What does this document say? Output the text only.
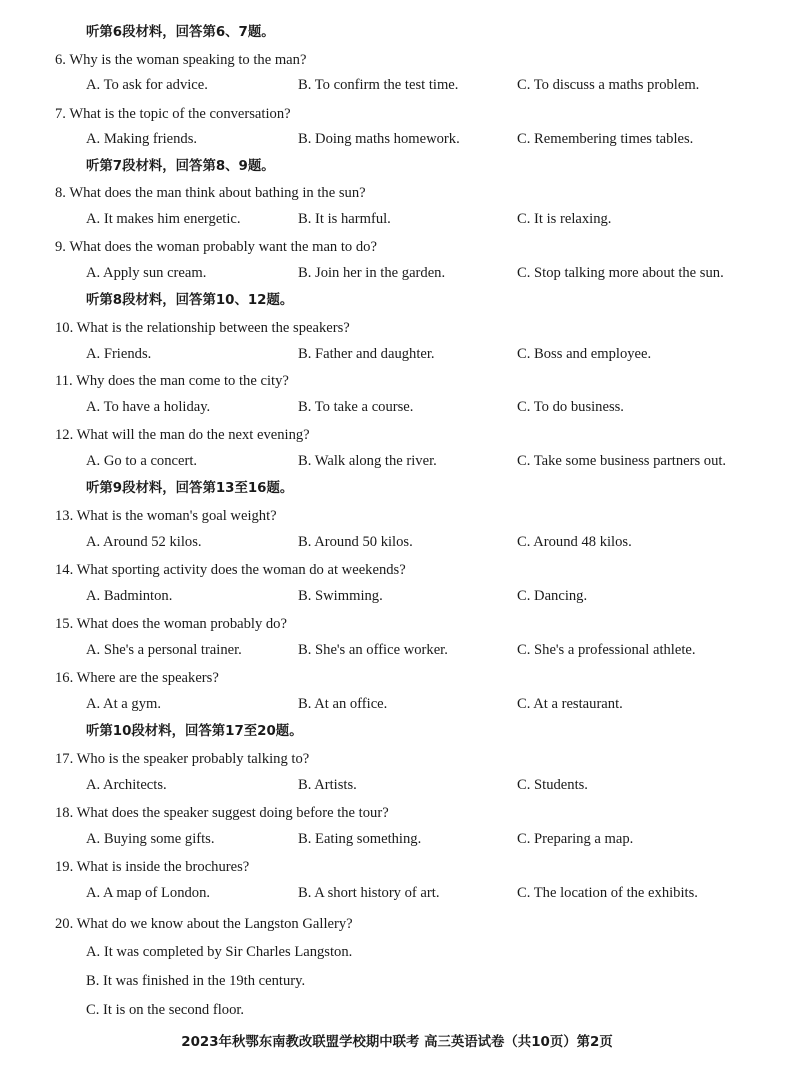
听第6段材料，回答第6、7题。
6. Why is the woman speaking to the man?
A. To ask for advice.	B. To confirm the test time.	C. To discuss a maths problem.
7. What is the topic of the conversation?
A. Making friends.	B. Doing maths homework.	C. Remembering times tables.
听第7段材料，回答第8、9题。
8. What does the man think about bathing in the sun?
A. It makes him energetic.	B. It is harmful.	C. It is relaxing.
9. What does the woman probably want the man to do?
A. Apply sun cream.	B. Join her in the garden.	C. Stop talking more about the sun.
听第8段材料，回答第10、12题。
10. What is the relationship between the speakers?
A. Friends.	B. Father and daughter.	C. Boss and employee.
11. Why does the man come to the city?
A. To have a holiday.	B. To take a course.	C. To do business.
12. What will the man do the next evening?
A. Go to a concert.	B. Walk along the river.	C. Take some business partners out.
听第9段材料，回答第13至16题。
13. What is the woman's goal weight?
A. Around 52 kilos.	B. Around 50 kilos.	C. Around 48 kilos.
14. What sporting activity does the woman do at weekends?
A. Badminton.	B. Swimming.	C. Dancing.
15. What does the woman probably do?
A. She's a personal trainer.	B. She's an office worker.	C. She's a professional athlete.
16. Where are the speakers?
A. At a gym.	B. At an office.	C. At a restaurant.
听第10段材料，回答第17至20题。
17. Who is the speaker probably talking to?
A. Architects.	B. Artists.	C. Students.
18. What does the speaker suggest doing before the tour?
A. Buying some gifts.	B. Eating something.	C. Preparing a map.
19. What is inside the brochures?
A. A map of London.	B. A short history of art.	C. The location of the exhibits.
20. What do we know about the Langston Gallery?
A. It was completed by Sir Charles Langston.
B. It was finished in the 19th century.
C. It is on the second floor.
2023年秋鄂东南教改联盟学校期中联考 高三英语试卷（共10页）第2页
